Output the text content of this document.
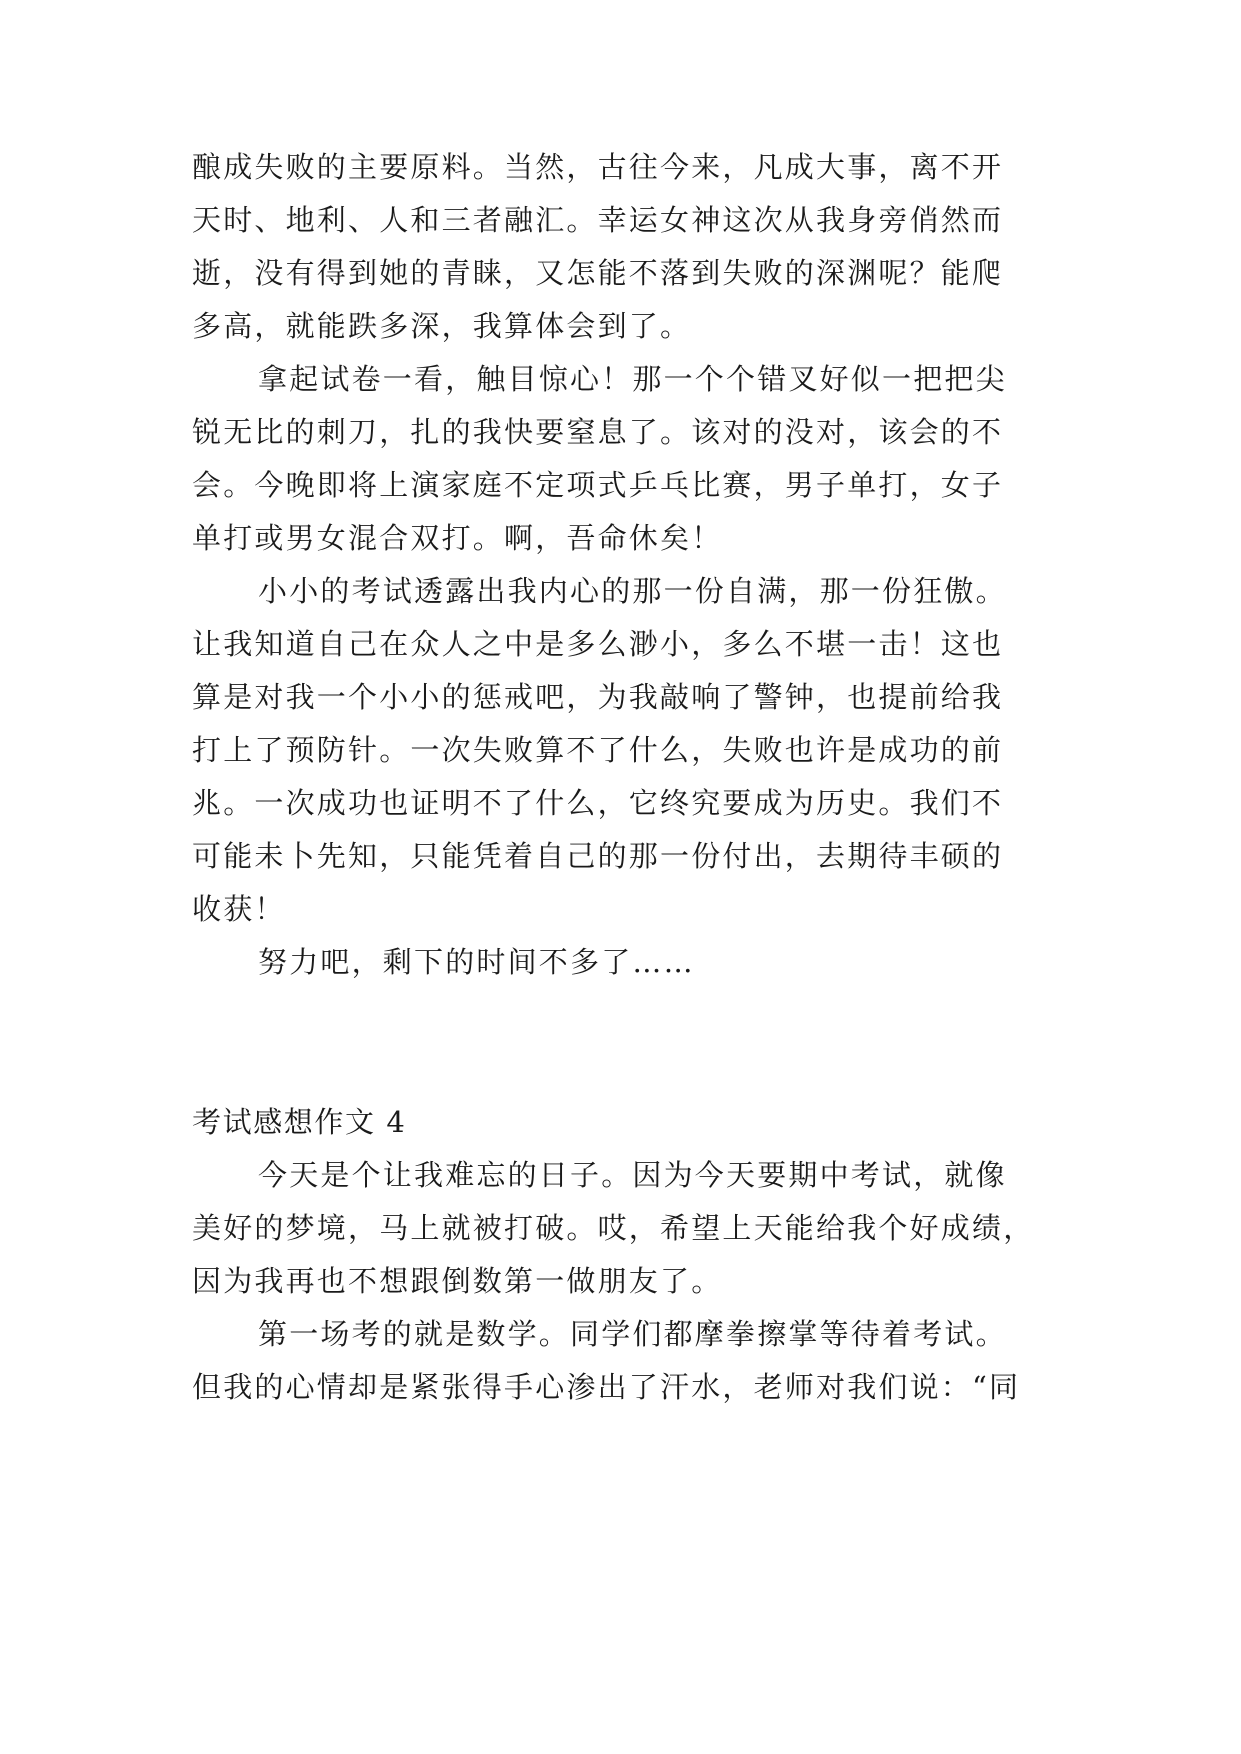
酿成失败的主要原料。当然，古往今来，凡成大事，离不开
天时、地利、人和三者融汇。幸运女神这次从我身旁俏然而
逝，没有得到她的青睐，又怎能不落到失败的深渊呢？能爬
多高，就能跌多深，我算体会到了。
拿起试卷一看，触目惊心！那一个个错叉好似一把把尖
锐无比的刺刀，扎的我快要窒息了。该对的没对，该会的不
会。今晚即将上演家庭不定项式乒乓比赛，男子单打，女子
单打或男女混合双打。啊，吾命休矣！
小小的考试透露出我内心的那一份自满，那一份狂傲。
让我知道自己在众人之中是多么渺小，多么不堪一击！这也
算是对我一个小小的惩戒吧，为我敲响了警钟，也提前给我
打上了预防针。一次失败算不了什么，失败也许是成功的前
兆。一次成功也证明不了什么，它终究要成为历史。我们不
可能未卜先知，只能凭着自己的那一份付出，去期待丰硕的
收获！
努力吧，剩下的时间不多了……
考试感想作文 4
今天是个让我难忘的日子。因为今天要期中考试，就像
美好的梦境，马上就被打破。哎，希望上天能给我个好成绩，
因为我再也不想跟倒数第一做朋友了。
第一场考的就是数学。同学们都摩拳擦掌等待着考试。
但我的心情却是紧张得手心渗出了汗水，老师对我们说：“同
